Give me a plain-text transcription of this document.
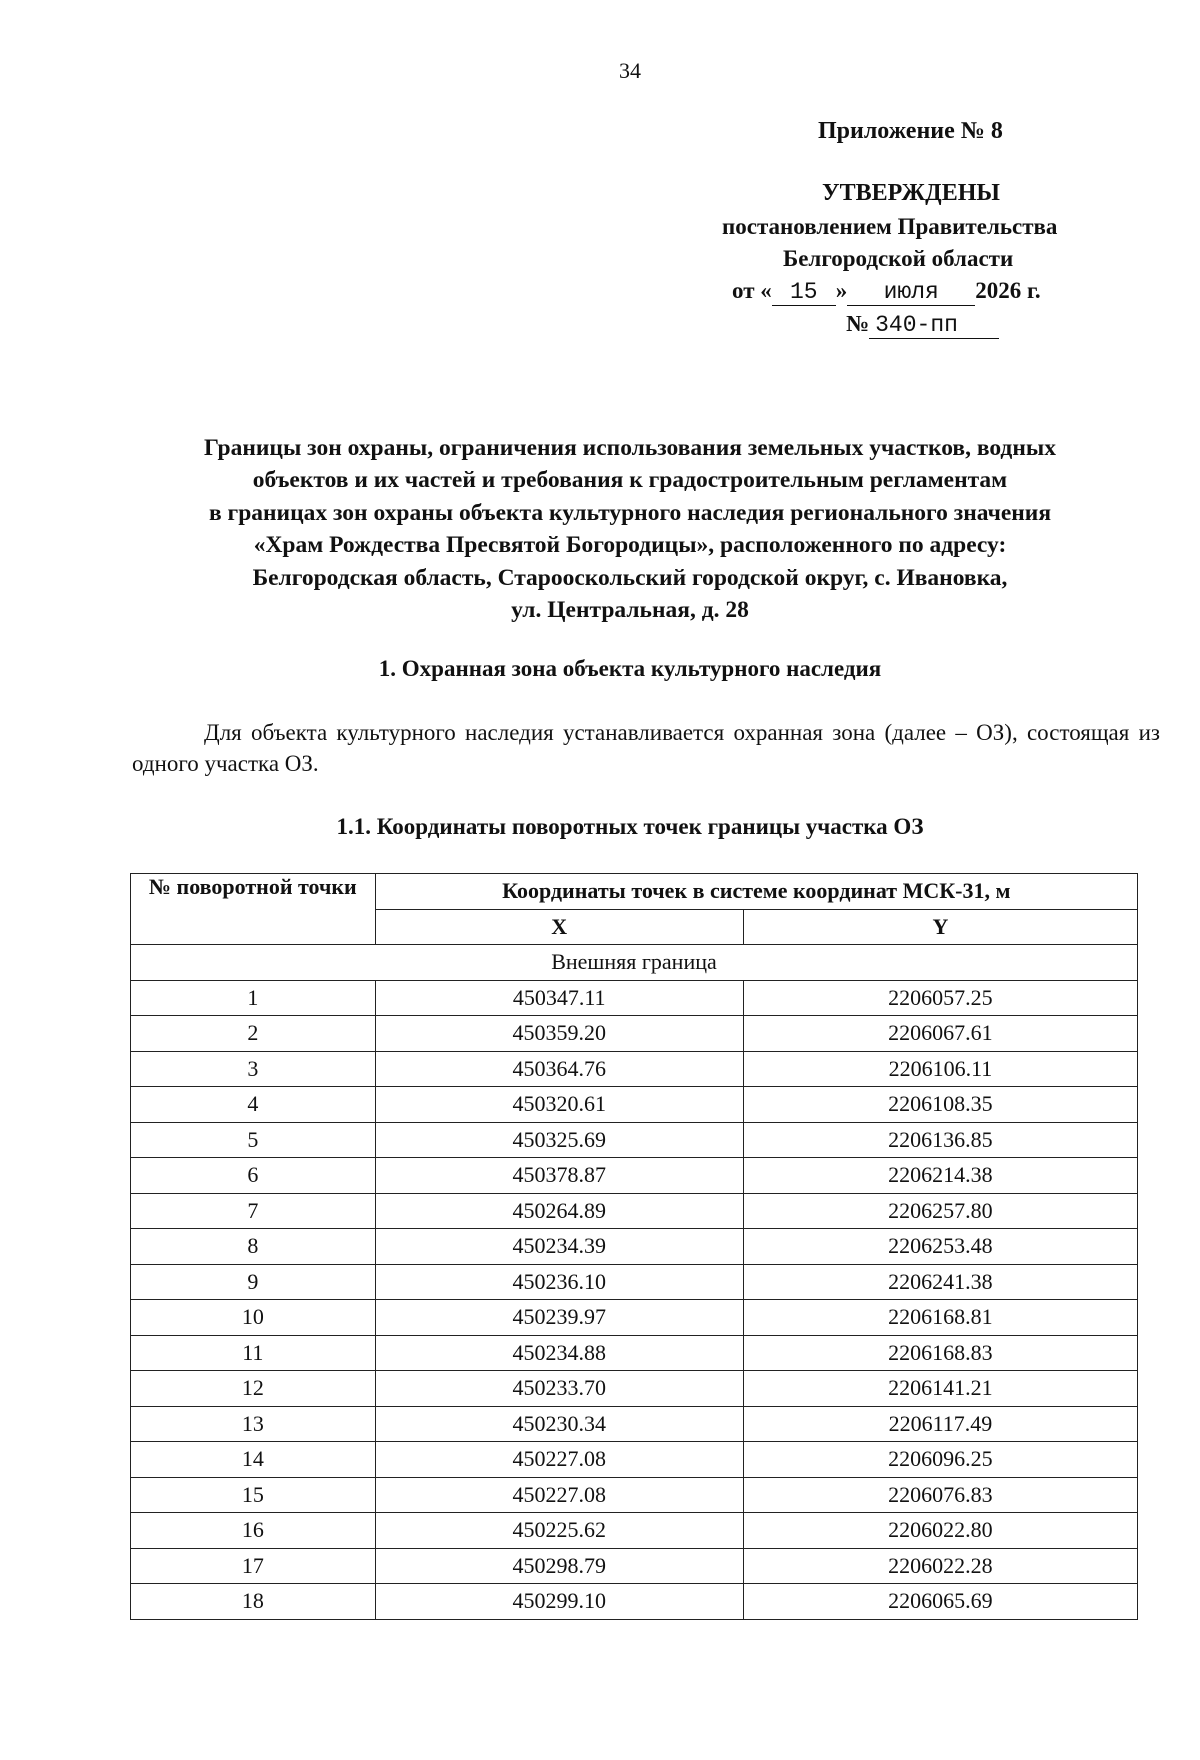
34
Приложение № 8
УТВЕРЖДЕНЫ
постановлением Правительства
Белгородской области
от « 15 » июля 2026 г.
№ 340-пп
Границы зон охраны, ограничения использования земельных участков, водных
объектов и их частей и требования к градостроительным регламентам
в границах зон охраны объекта культурного наследия регионального значения
«Храм Рождества Пресвятой Богородицы», расположенного по адресу:
Белгородская область, Старооскольский городской округ, с. Ивановка,
ул. Центральная, д. 28
1. Охранная зона объекта культурного наследия
Для объекта культурного наследия устанавливается охранная зона (далее – ОЗ), состоящая из одного участка ОЗ.
1.1. Координаты поворотных точек границы участка ОЗ
№ поворотной точки	Координаты точек в системе координат МСК-31, м	
	X	Y
Внешняя граница		
1	450347.11	2206057.25
2	450359.20	2206067.61
3	450364.76	2206106.11
4	450320.61	2206108.35
5	450325.69	2206136.85
6	450378.87	2206214.38
7	450264.89	2206257.80
8	450234.39	2206253.48
9	450236.10	2206241.38
10	450239.97	2206168.81
11	450234.88	2206168.83
12	450233.70	2206141.21
13	450230.34	2206117.49
14	450227.08	2206096.25
15	450227.08	2206076.83
16	450225.62	2206022.80
17	450298.79	2206022.28
18	450299.10	2206065.69
